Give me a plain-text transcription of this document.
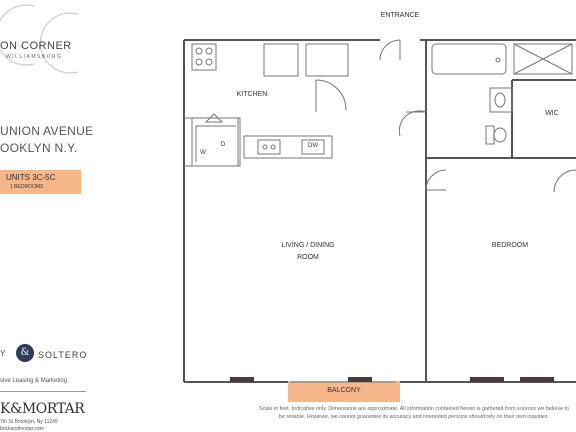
ON CORNER
WILLIAMSBURG
UNION AVENUE
OOKLYN N.Y.
UNITS 3C-5C
1 BEDROOMS
Y	& SOLTERO
sive Leasing & Marketing
K&MORTAR
7th St Brooklyn, Ny 11249
brickandmortar.com
ENTRANCE
KITCHEN
LIVING / DINING
ROOM
BEDROOM
WIC
BALCONY
DW
W
D
Scale in feet. Indicative only. Dimensions are approximate. All information contained herein is gathered from sources we believe to be reliable. However, we cannot guarantee its accuracy and interested persons should rely on their own inquiries.
